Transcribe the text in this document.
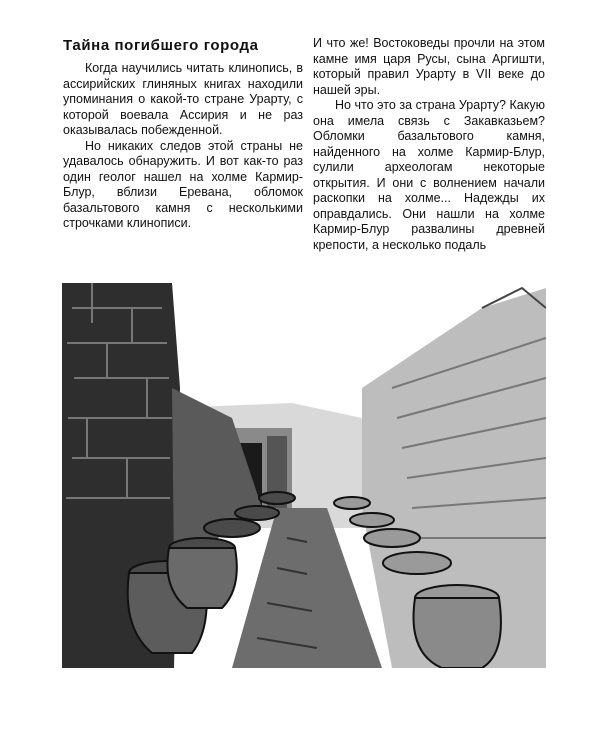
Тайна погибшего города

Когда научились читать клинопись, в ассирийских глиняных книгах находили упоминания о какой-то стране Урарту, с которой воевала Ассирия и не раз оказывалась побежденной.

Но никаких следов этой страны не удавалось обнаружить. И вот как-то раз один геолог нашел на холме Кармир-Блур, вблизи Еревана, обломок базальтового камня с несколькими строчками клинописи.

И что же! Востоковеды прочли на этом камне имя царя Русы, сына Аргишти, который правил Урарту в VII веке до нашей эры.

Но что это за страна Урарту? Какую она имела связь с Закавказьем? Обломки базальтового камня, найденного на холме Кармир-Блур, сулили археологам некоторые открытия. И они с волнением начали раскопки на холме... Надежды их оправдались. Они нашли на холме Кармир-Блур развалины древней крепости, а несколько подаль
